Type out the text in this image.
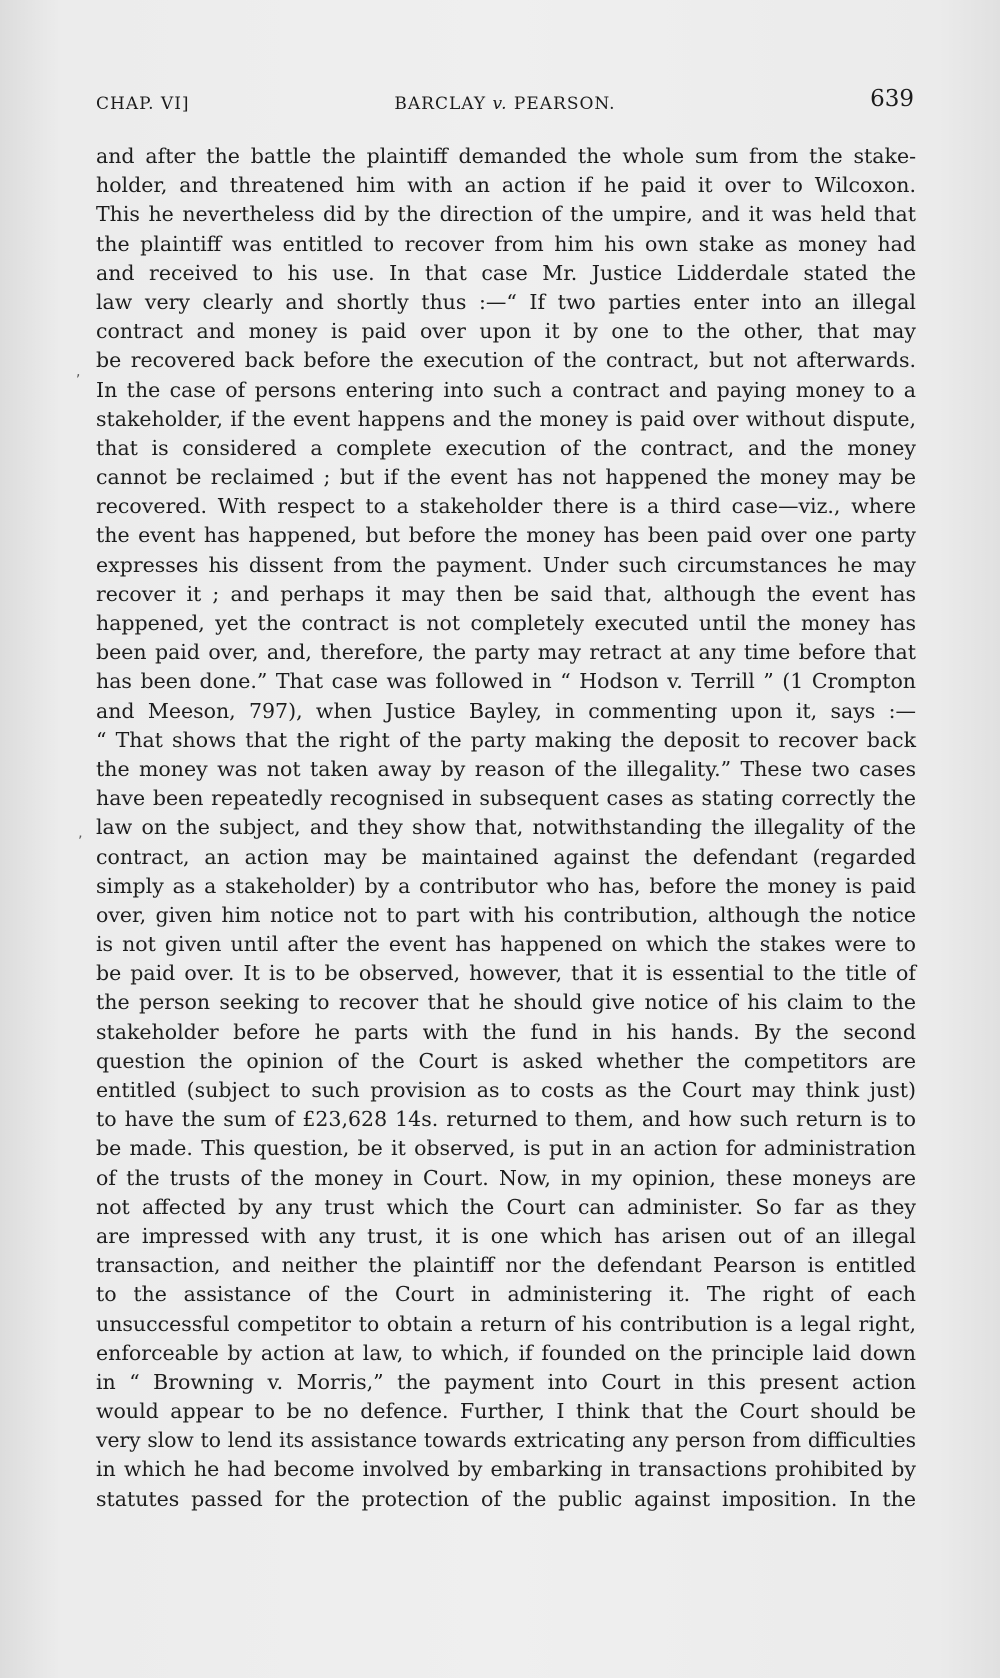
CHAP. VI]	BARCLAY v. PEARSON.	639
and after the battle the plaintiff demanded the whole sum from the stake-
holder, and threatened him with an action if he paid it over to Wilcoxon.
This he nevertheless did by the direction of the umpire, and it was held that
the plaintiff was entitled to recover from him his own stake as money had
and received to his use. In that case Mr. Justice Lidderdale stated the
law very clearly and shortly thus :—“ If two parties enter into an illegal
contract and money is paid over upon it by one to the other, that may
be recovered back before the execution of the contract, but not afterwards.
In the case of persons entering into such a contract and paying money to a
stakeholder, if the event happens and the money is paid over without dispute,
that is considered a complete execution of the contract, and the money
cannot be reclaimed ; but if the event has not happened the money may be
recovered. With respect to a stakeholder there is a third case—viz., where
the event has happened, but before the money has been paid over one party
expresses his dissent from the payment. Under such circumstances he may
recover it ; and perhaps it may then be said that, although the event has
happened, yet the contract is not completely executed until the money has
been paid over, and, therefore, the party may retract at any time before that
has been done.” That case was followed in “ Hodson v. Terrill ” (1 Crompton
and Meeson, 797), when Justice Bayley, in commenting upon it, says :—
“ That shows that the right of the party making the deposit to recover back
the money was not taken away by reason of the illegality.” These two cases
have been repeatedly recognised in subsequent cases as stating correctly the
law on the subject, and they show that, notwithstanding the illegality of the
contract, an action may be maintained against the defendant (regarded
simply as a stakeholder) by a contributor who has, before the money is paid
over, given him notice not to part with his contribution, although the notice
is not given until after the event has happened on which the stakes were to
be paid over. It is to be observed, however, that it is essential to the title of
the person seeking to recover that he should give notice of his claim to the
stakeholder before he parts with the fund in his hands. By the second
question the opinion of the Court is asked whether the competitors are
entitled (subject to such provision as to costs as the Court may think just)
to have the sum of £23,628 14s. returned to them, and how such return is to
be made. This question, be it observed, is put in an action for administration
of the trusts of the money in Court. Now, in my opinion, these moneys are
not affected by any trust which the Court can administer. So far as they
are impressed with any trust, it is one which has arisen out of an illegal
transaction, and neither the plaintiff nor the defendant Pearson is entitled
to the assistance of the Court in administering it. The right of each
unsuccessful competitor to obtain a return of his contribution is a legal right,
enforceable by action at law, to which, if founded on the principle laid down
in “ Browning v. Morris,” the payment into Court in this present action
would appear to be no defence. Further, I think that the Court should be
very slow to lend its assistance towards extricating any person from difficulties
in which he had become involved by embarking in transactions prohibited by
statutes passed for the protection of the public against imposition. In the
,
’
